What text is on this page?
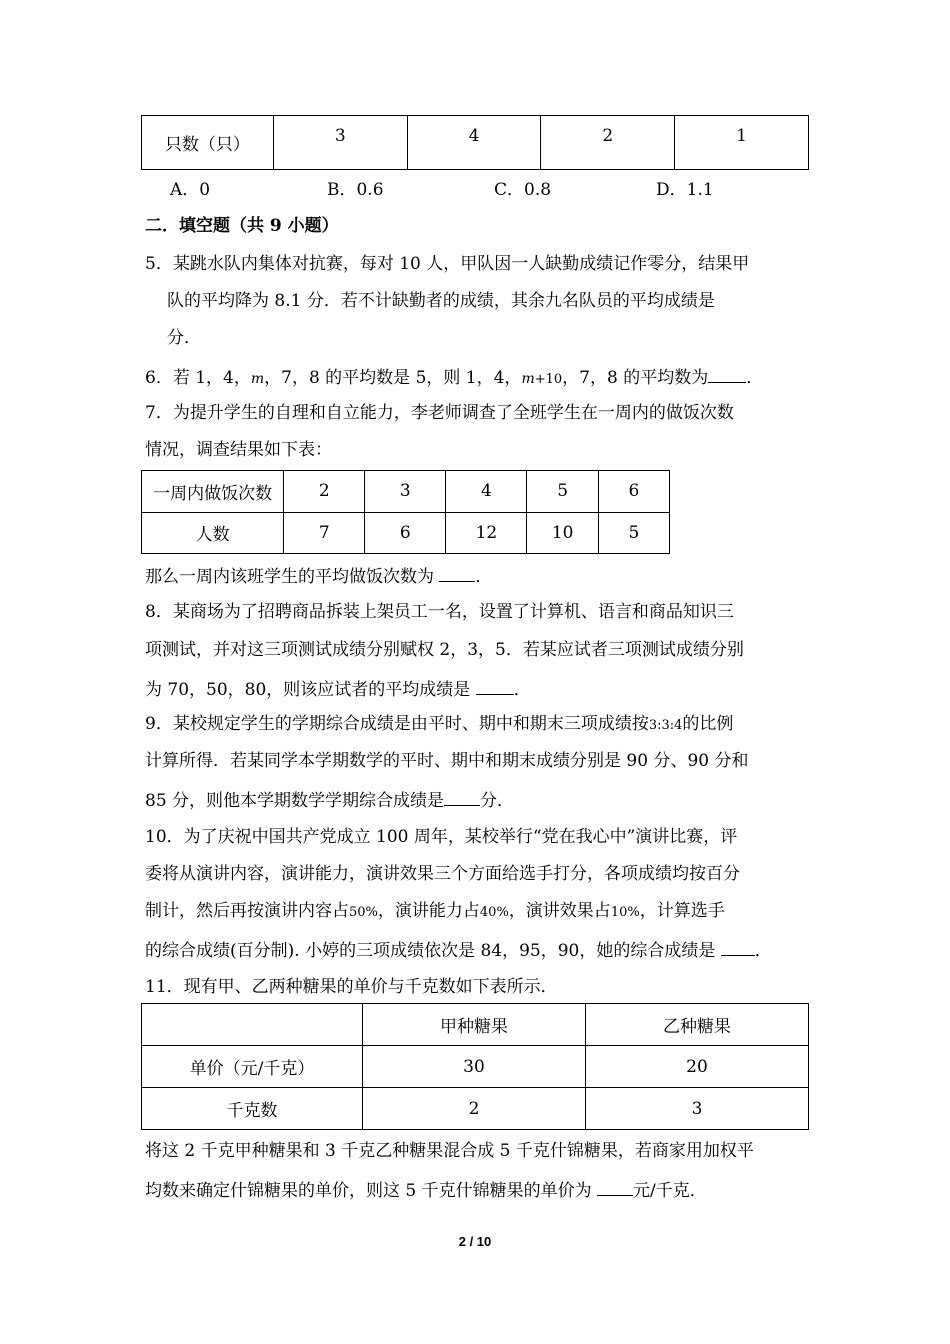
只数（只）	3	4	2	1
A．0	B．0.6	C．0.8	D．1.1
二．填空题（共 9 小题）
5．某跳水队内集体对抗赛，每对 10 人，甲队因一人缺勤成绩记作零分，结果甲
队的平均降为 8.1 分．若不计缺勤者的成绩，其余九名队员的平均成绩是
分．
6．若 1，4，m，7，8 的平均数是 5，则 1，4，m+10，7，8 的平均数为 ．
7．为提升学生的自理和自立能力，李老师调查了全班学生在一周内的做饭次数
情况，调查结果如下表：
一周内做饭次数	2	3	4	5	6
人数	7	6	12	10	5
那么一周内该班学生的平均做饭次数为 ．
8．某商场为了招聘商品拆装上架员工一名，设置了计算机、语言和商品知识三
项测试，并对这三项测试成绩分别赋权 2，3，5．若某应试者三项测试成绩分别
为 70，50，80，则该应试者的平均成绩是	．
9．某校规定学生的学期综合成绩是由平时、期中和期末三项成绩按3:3:4的比例
计算所得．若某同学本学期数学的平时、期中和期末成绩分别是 90 分、90 分和
85 分，则他本学期数学学期综合成绩是 分．
10．为了庆祝中国共产党成立 100 周年，某校举行“党在我心中”演讲比赛，评
委将从演讲内容，演讲能力，演讲效果三个方面给选手打分，各项成绩均按百分
制计，然后再按演讲内容占50%，演讲能力占40%，演讲效果占10%，计算选手
的综合成绩(百分制). 小婷的三项成绩依次是 84，95，90，她的综合成绩是 ．
11．现有甲、乙两种糖果的单价与千克数如下表所示．
	甲种糖果	乙种糖果
单价（元/千克）	30	20
千克数	2	3
将这 2 千克甲种糖果和 3 千克乙种糖果混合成 5 千克什锦糖果，若商家用加权平
均数来确定什锦糖果的单价，则这 5 千克什锦糖果的单价为 元/千克．
2 / 10
